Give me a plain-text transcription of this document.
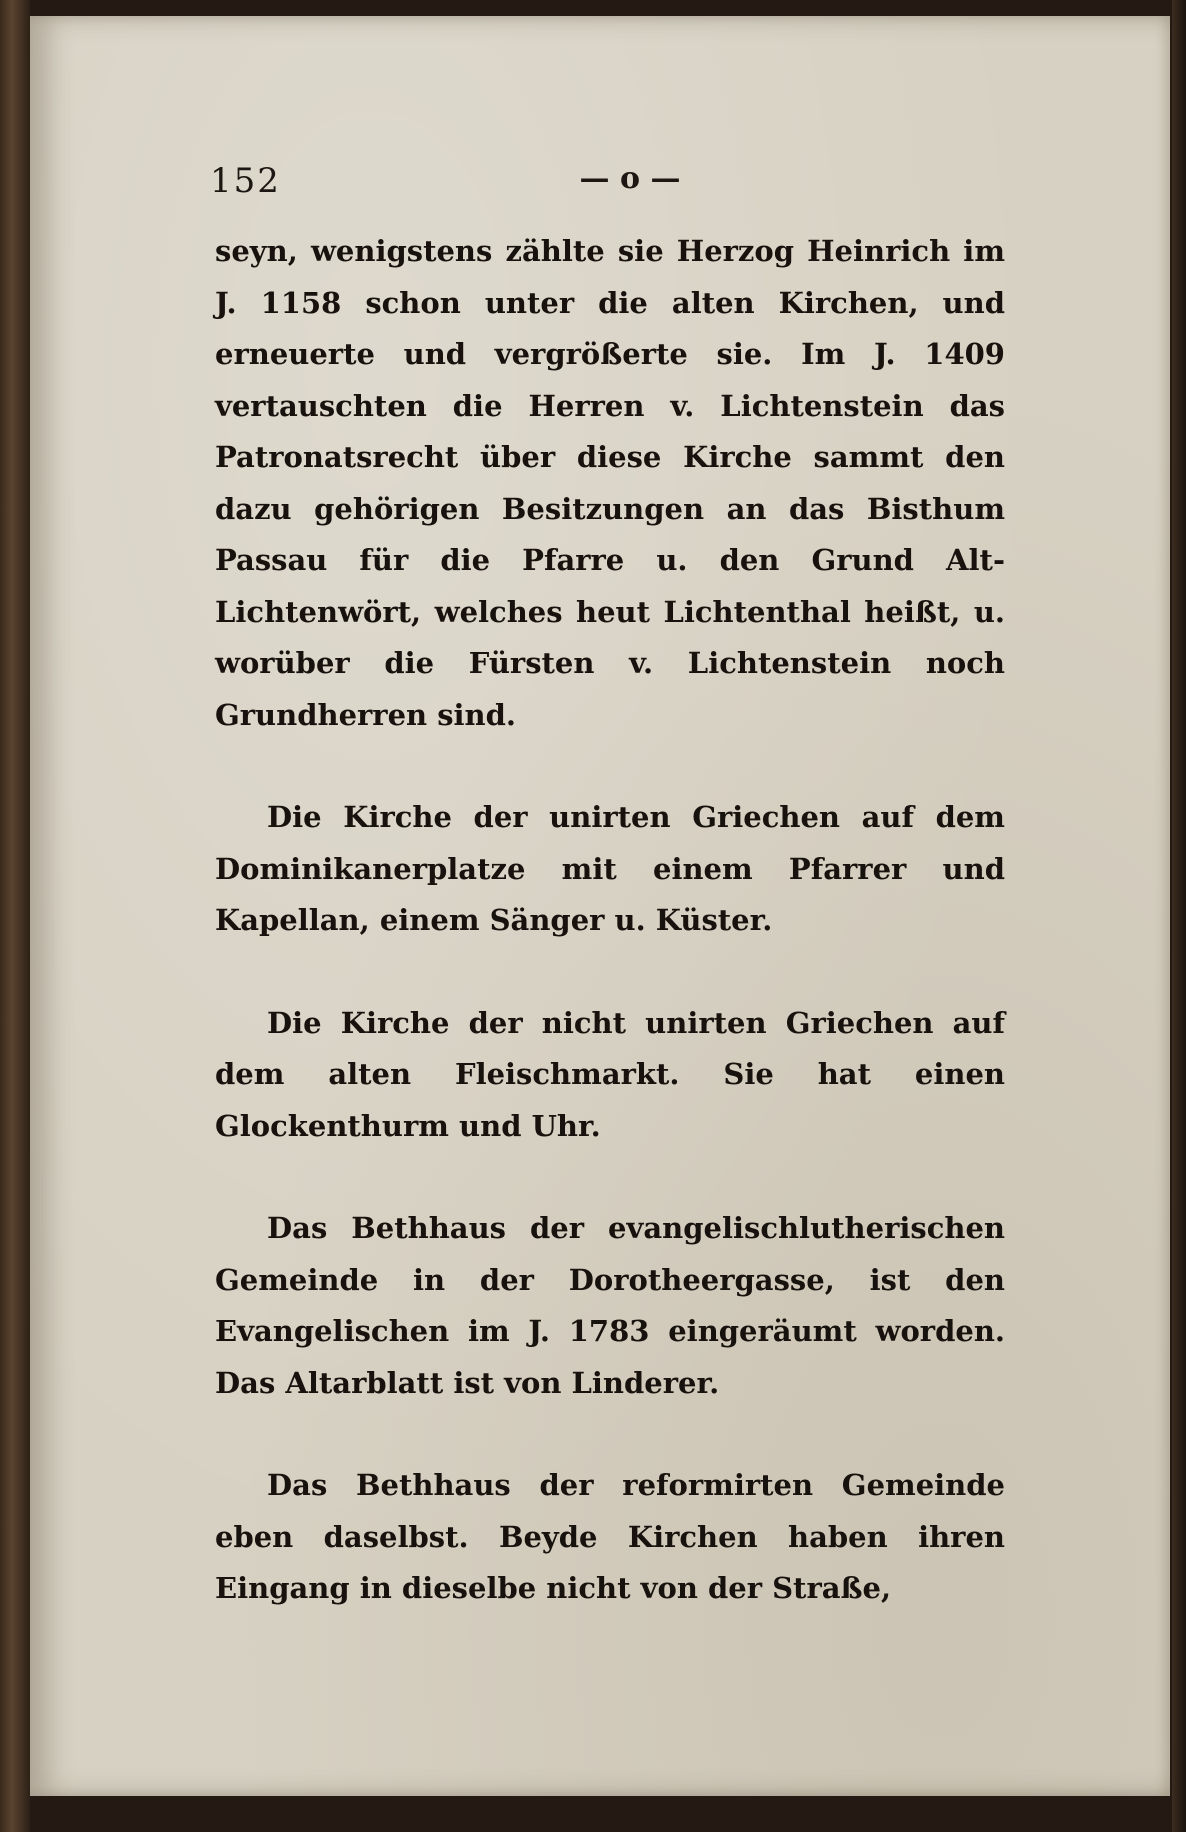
152	— o —

seyn, wenigstens zählte sie Herzog Heinrich im J. 1158 schon unter die alten Kirchen, und erneuerte und vergrößerte sie. Im J. 1409 vertauschten die Herren v. Lichtenstein das Patronatsrecht über diese Kirche sammt den dazu gehörigen Besitzungen an das Bisthum Passau für die Pfarre u. den Grund Alt-Lichtenwört, welches heut Lichtenthal heißt, u. worüber die Fürsten v. Lichtenstein noch Grundherren sind.

Die Kirche der unirten Griechen auf dem Dominikanerplatze mit einem Pfarrer und Kapellan, einem Sänger u. Küster.

Die Kirche der nicht unirten Griechen auf dem alten Fleischmarkt. Sie hat einen Glockenthurm und Uhr.

Das Bethhaus der evangelischlutherischen Gemeinde in der Dorotheergasse, ist den Evangelischen im J. 1783 eingeräumt worden. Das Altarblatt ist von Linderer.

Das Bethhaus der reformirten Gemeinde eben daselbst. Beyde Kirchen haben ihren Eingang in dieselbe nicht von der Straße,
